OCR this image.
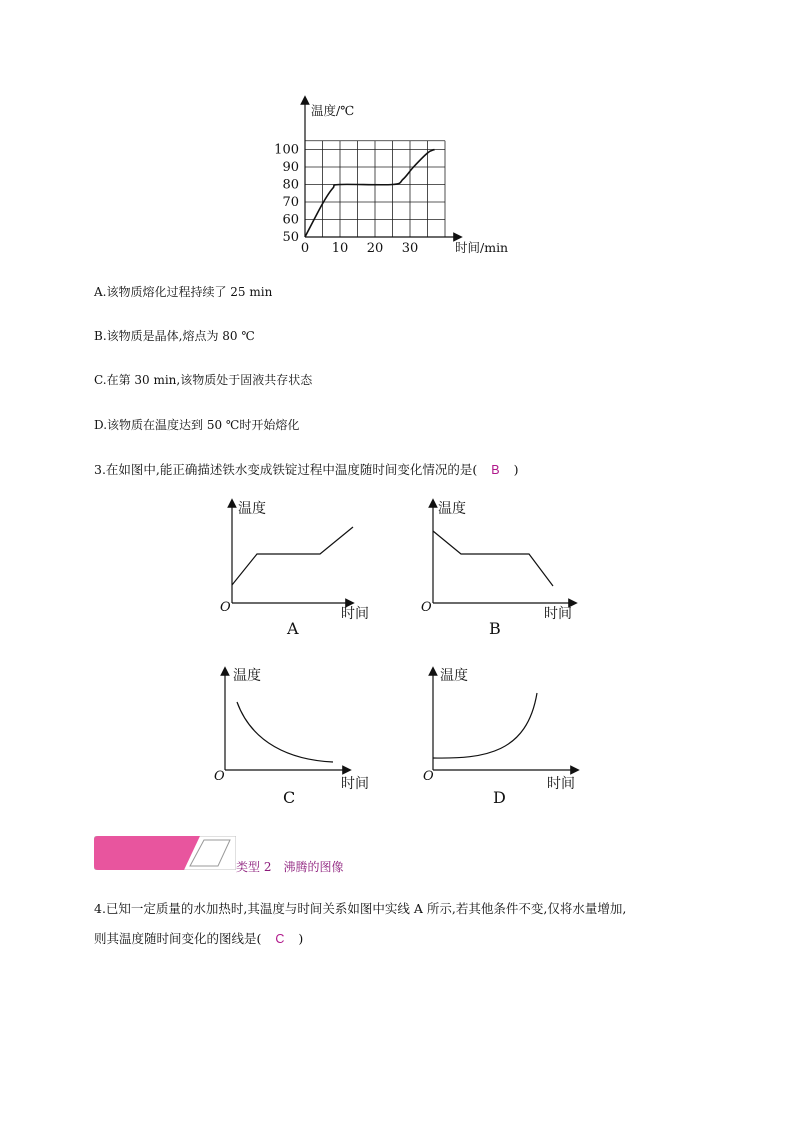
温度/℃
时间/min
50
60
70
80
90
100
0 10 20 30
A.该物质熔化过程持续了 25 min
B.该物质是晶体,熔点为 80 ℃
C.在第 30 min,该物质处于固液共存状态
D.该物质在温度达到 50 ℃时开始熔化
3.在如图中,能正确描述铁水变成铁锭过程中温度随时间变化情况的是( B )
温度
时间
O
A
温度
时间
O
B
温度
时间
O
C
温度
时间
O
D
类型 2　沸腾的图像
4.已知一定质量的水加热时,其温度与时间关系如图中实线 A 所示,若其他条件不变,仅将水量增加,
则其温度随时间变化的图线是( C )
